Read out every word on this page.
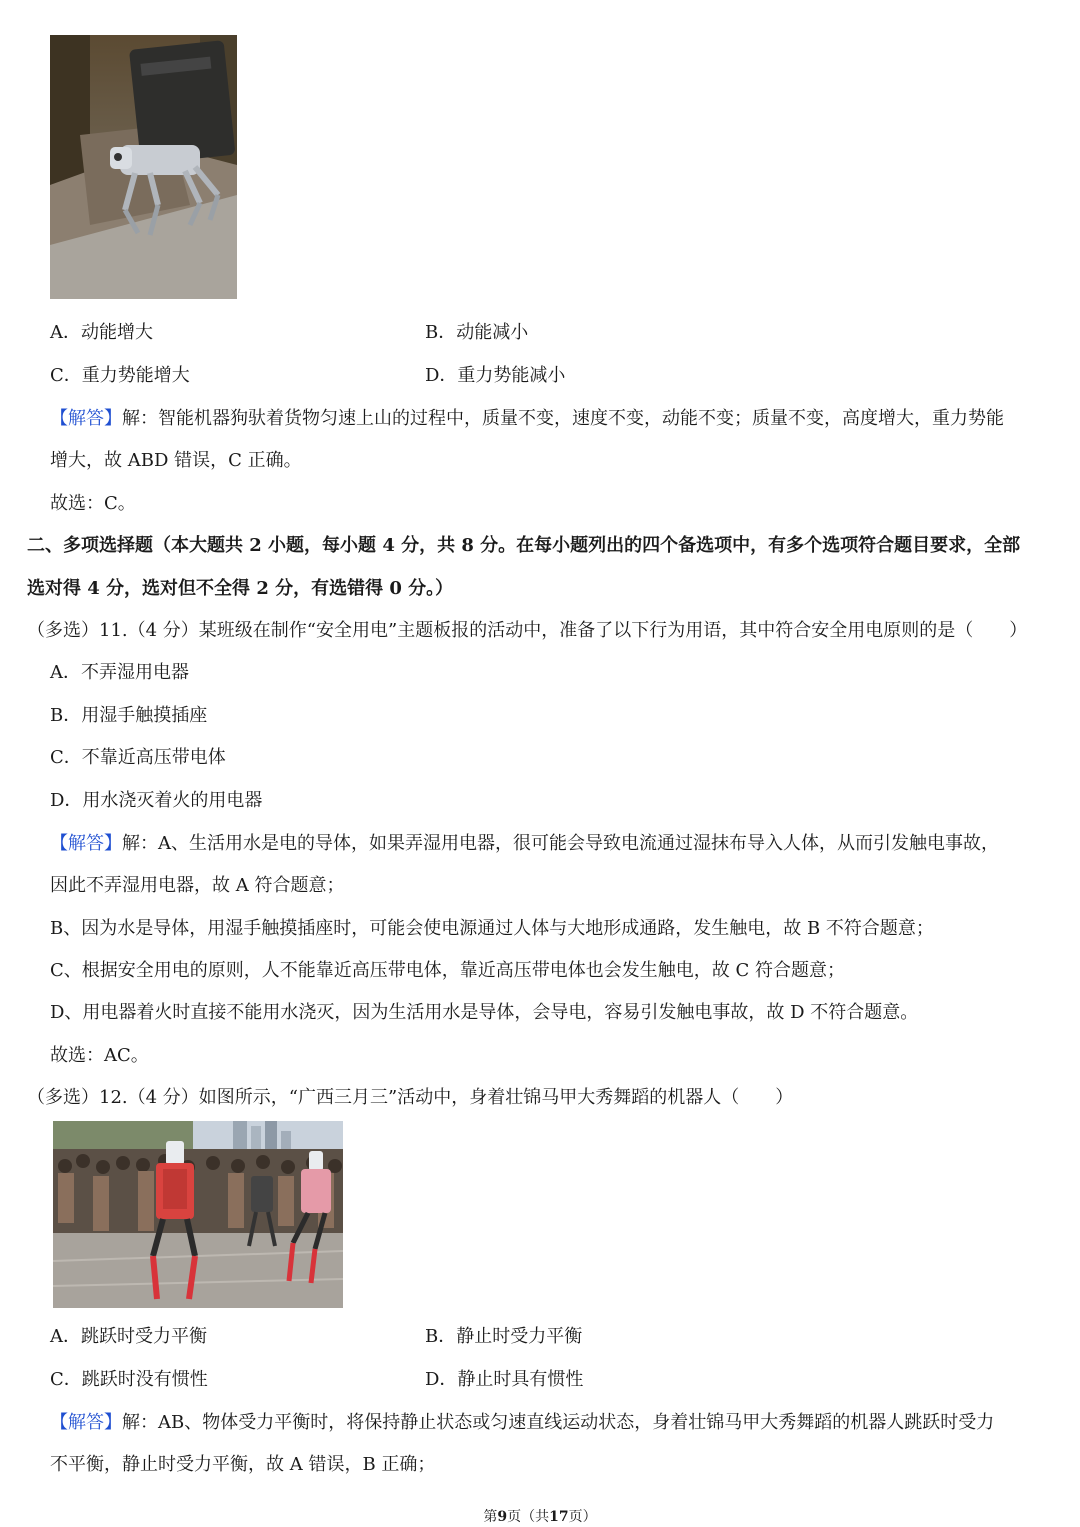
A．动能增大	B．动能减小
C．重力势能增大	D．重力势能减小
【解答】解：智能机器狗驮着货物匀速上山的过程中，质量不变，速度不变，动能不变；质量不变，高度增大，重力势能
增大，故 ABD 错误，C 正确。
故选：C。
二、多项选择题（本大题共 2 小题，每小题 4 分，共 8 分。在每小题列出的四个备选项中，有多个选项符合题目要求，全部
选对得 4 分，选对但不全得 2 分，有选错得 0 分。）
（多选）11.（4 分）某班级在制作“安全用电”主题板报的活动中，准备了以下行为用语，其中符合安全用电原则的是（　　）
A．不弄湿用电器
B．用湿手触摸插座
C．不靠近高压带电体
D．用水浇灭着火的用电器
【解答】解：A、生活用水是电的导体，如果弄湿用电器，很可能会导致电流通过湿抹布导入人体，从而引发触电事故，
因此不弄湿用电器，故 A 符合题意；
B、因为水是导体，用湿手触摸插座时，可能会使电源通过人体与大地形成通路，发生触电，故 B 不符合题意；
C、根据安全用电的原则，人不能靠近高压带电体，靠近高压带电体也会发生触电，故 C 符合题意；
D、用电器着火时直接不能用水浇灭，因为生活用水是导体，会导电，容易引发触电事故，故 D 不符合题意。
故选：AC。
（多选）12.（4 分）如图所示，“广西三月三”活动中，身着壮锦马甲大秀舞蹈的机器人（　　）
A．跳跃时受力平衡	B．静止时受力平衡
C．跳跃时没有惯性	D．静止时具有惯性
【解答】解：AB、物体受力平衡时，将保持静止状态或匀速直线运动状态，身着壮锦马甲大秀舞蹈的机器人跳跃时受力
不平衡，静止时受力平衡，故 A 错误，B 正确；
第9页（共17页）
